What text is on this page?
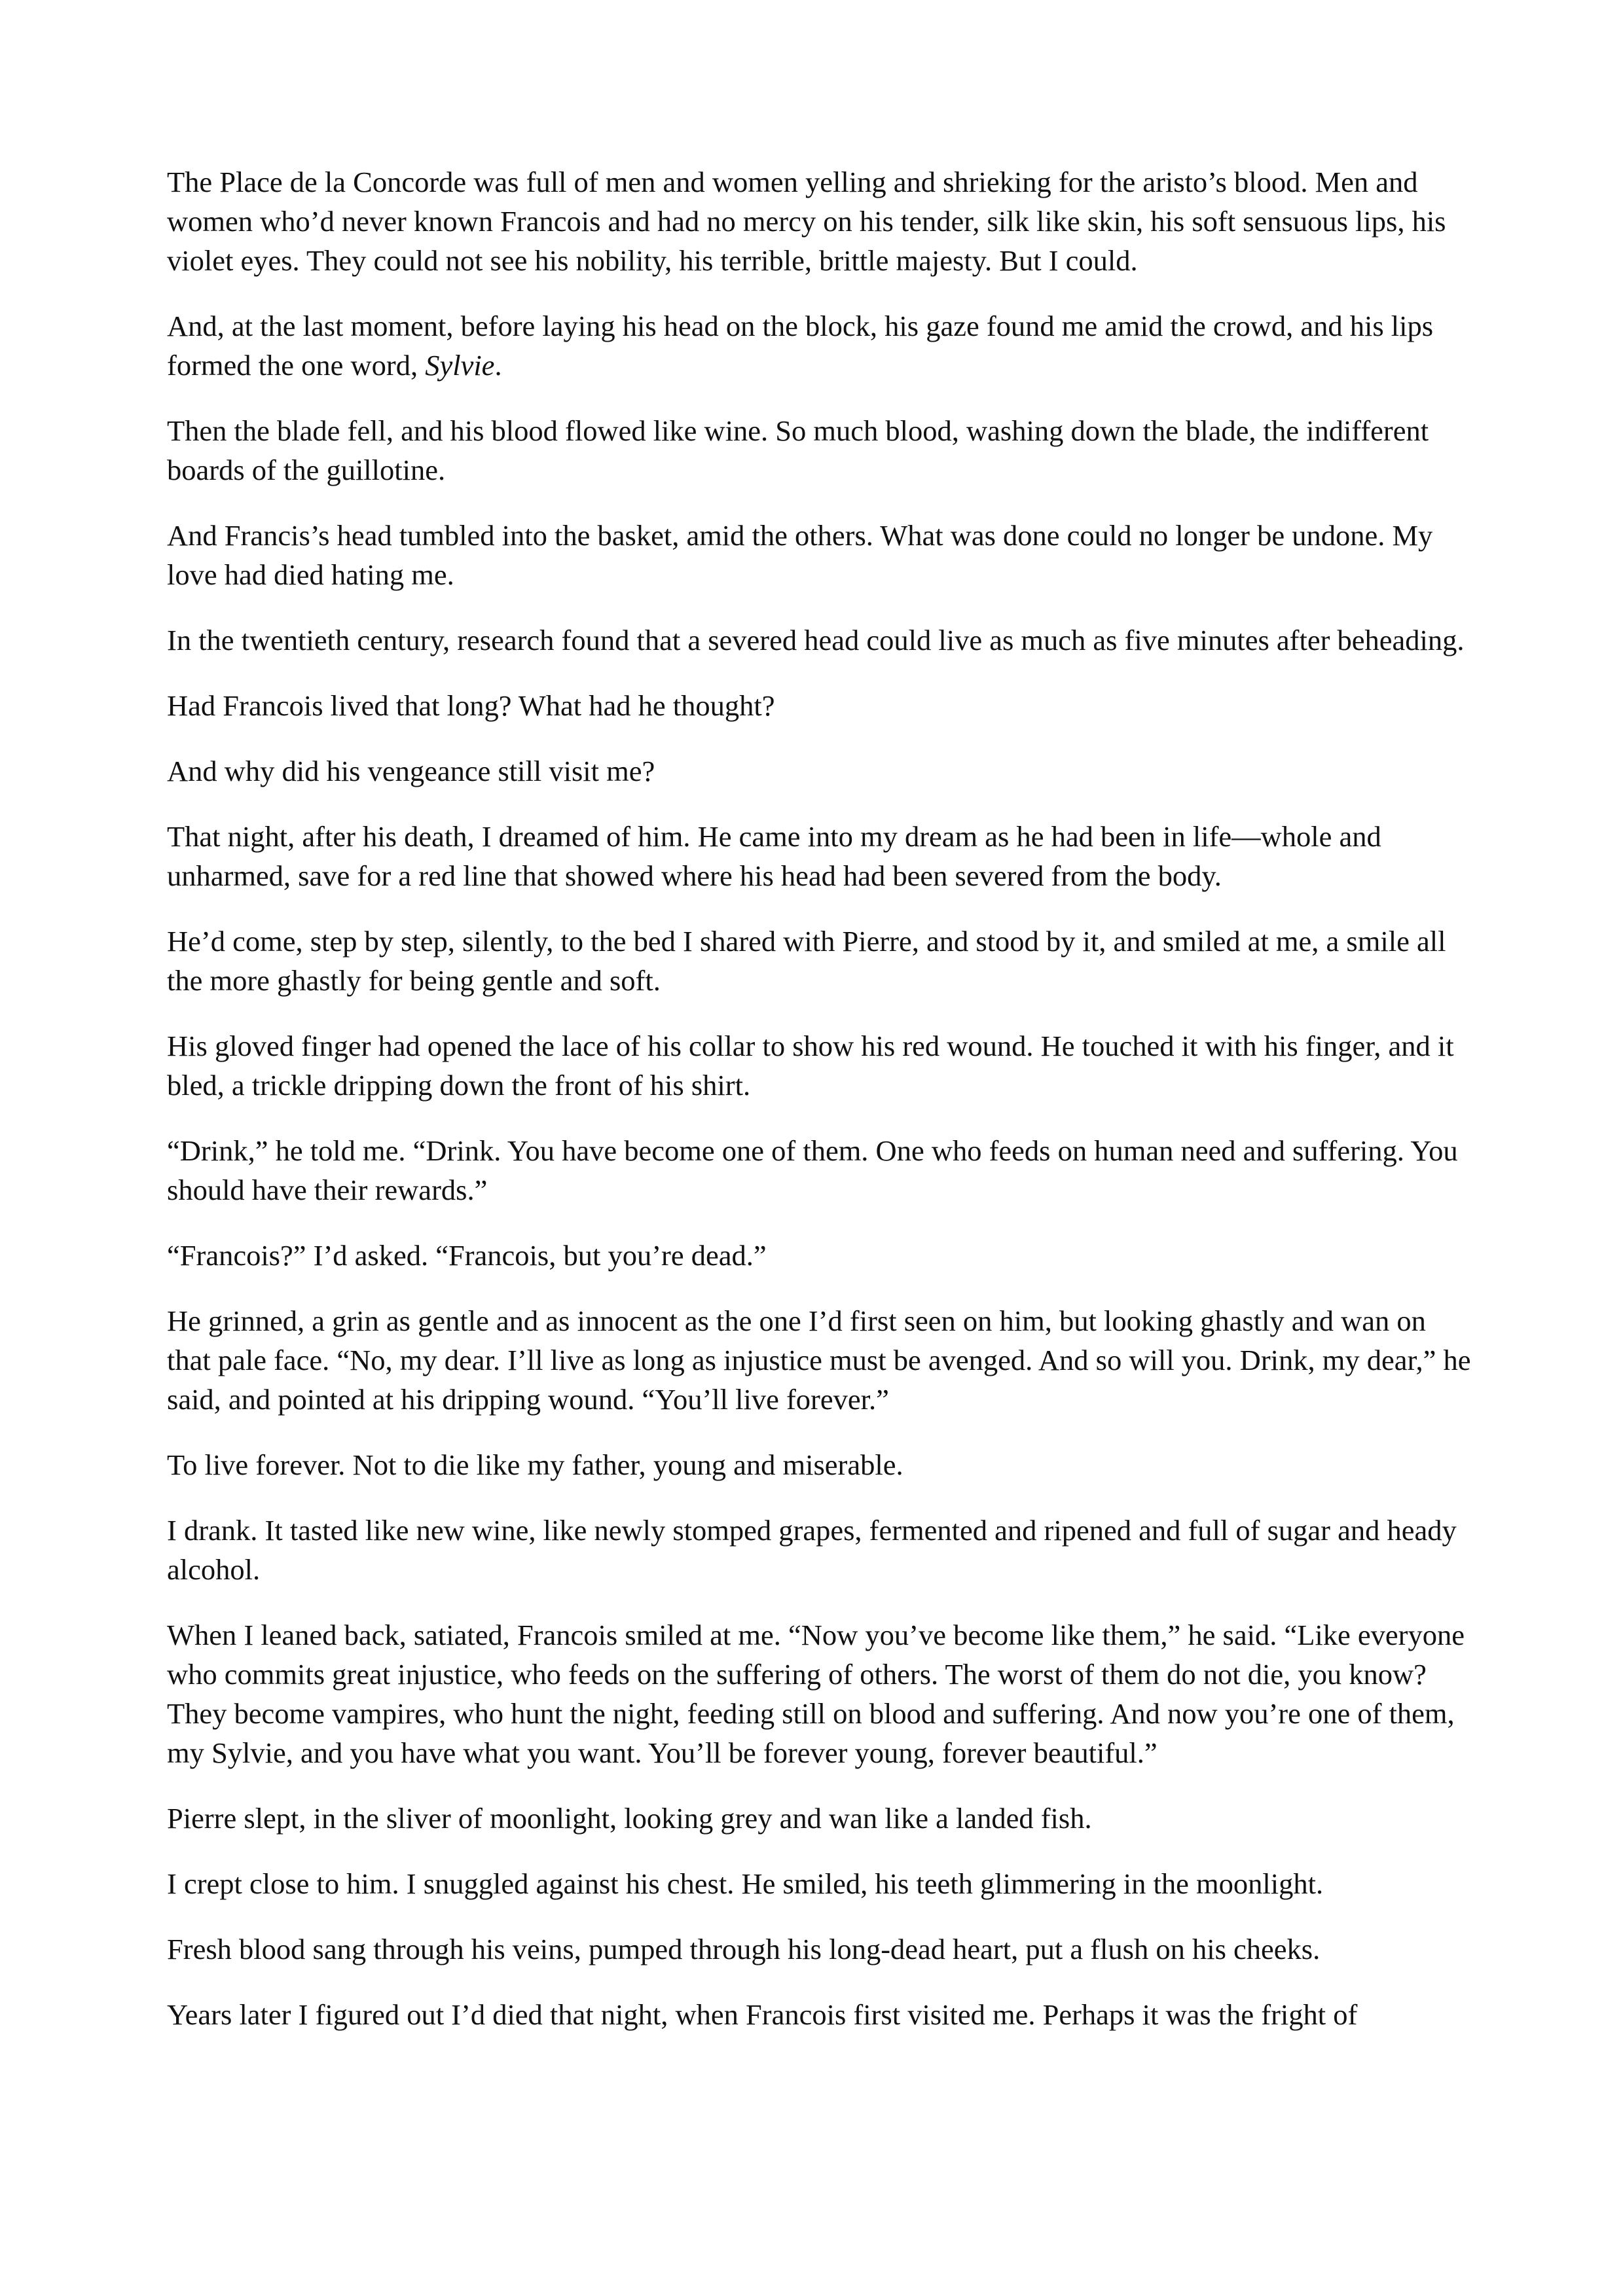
The Place de la Concorde was full of men and women yelling and shrieking for the aristo’s blood. Men and women who’d never known Francois and had no mercy on his tender, silk like skin, his soft sensuous lips, his violet eyes. They could not see his nobility, his terrible, brittle majesty. But I could.

And, at the last moment, before laying his head on the block, his gaze found me amid the crowd, and his lips formed the one word, Sylvie.

Then the blade fell, and his blood flowed like wine. So much blood, washing down the blade, the indifferent boards of the guillotine.

And Francis’s head tumbled into the basket, amid the others. What was done could no longer be undone. My love had died hating me.

In the twentieth century, research found that a severed head could live as much as five minutes after beheading.

Had Francois lived that long? What had he thought?

And why did his vengeance still visit me?

That night, after his death, I dreamed of him. He came into my dream as he had been in life—whole and unharmed, save for a red line that showed where his head had been severed from the body.

He’d come, step by step, silently, to the bed I shared with Pierre, and stood by it, and smiled at me, a smile all the more ghastly for being gentle and soft.

His gloved finger had opened the lace of his collar to show his red wound. He touched it with his finger, and it bled, a trickle dripping down the front of his shirt.

“Drink,” he told me. “Drink. You have become one of them. One who feeds on human need and suffering. You should have their rewards.”

“Francois?” I’d asked. “Francois, but you’re dead.”

He grinned, a grin as gentle and as innocent as the one I’d first seen on him, but looking ghastly and wan on that pale face. “No, my dear. I’ll live as long as injustice must be avenged. And so will you. Drink, my dear,” he said, and pointed at his dripping wound. “You’ll live forever.”

To live forever. Not to die like my father, young and miserable.

I drank. It tasted like new wine, like newly stomped grapes, fermented and ripened and full of sugar and heady alcohol.

When I leaned back, satiated, Francois smiled at me. “Now you’ve become like them,” he said. “Like everyone who commits great injustice, who feeds on the suffering of others. The worst of them do not die, you know? They become vampires, who hunt the night, feeding still on blood and suffering. And now you’re one of them, my Sylvie, and you have what you want. You’ll be forever young, forever beautiful.”

Pierre slept, in the sliver of moonlight, looking grey and wan like a landed fish.

I crept close to him. I snuggled against his chest. He smiled, his teeth glimmering in the moonlight.

Fresh blood sang through his veins, pumped through his long-dead heart, put a flush on his cheeks.

Years later I figured out I’d died that night, when Francois first visited me. Perhaps it was the fright of
